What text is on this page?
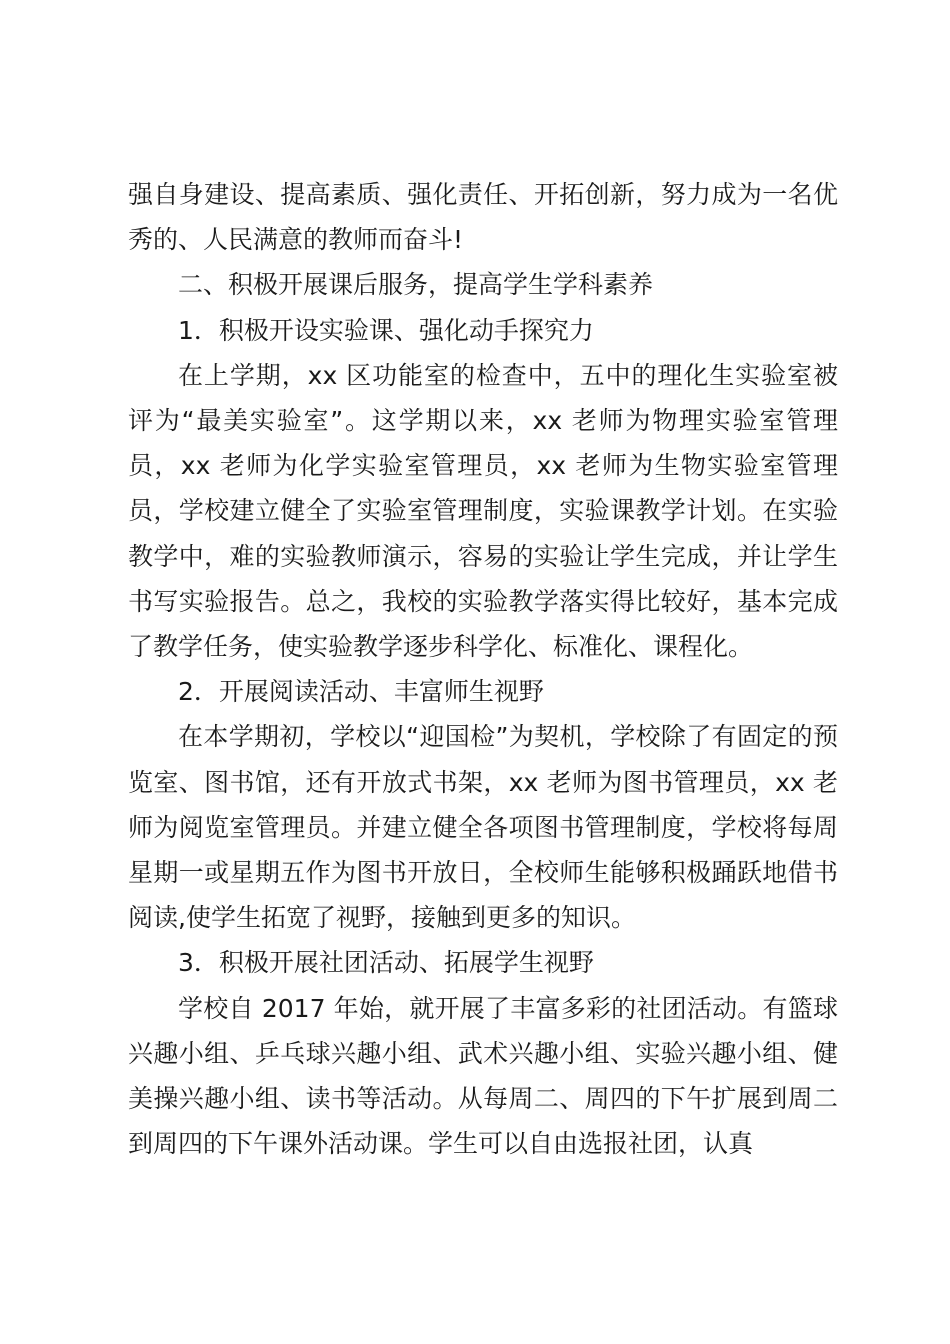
强自身建设、提高素质、强化责任、开拓创新，努力成为一名优秀的、人民满意的教师而奋斗!

二、积极开展课后服务，提高学生学科素养

1．积极开设实验课、强化动手探究力

在上学期，xx 区功能室的检查中，五中的理化生实验室被评为“最美实验室”。这学期以来，xx 老师为物理实验室管理员，xx 老师为化学实验室管理员，xx 老师为生物实验室管理员，学校建立健全了实验室管理制度，实验课教学计划。在实验教学中，难的实验教师演示，容易的实验让学生完成，并让学生书写实验报告。总之，我校的实验教学落实得比较好，基本完成了教学任务，使实验教学逐步科学化、标准化、课程化。

2．开展阅读活动、丰富师生视野

在本学期初，学校以“迎国检”为契机，学校除了有固定的预览室、图书馆，还有开放式书架，xx 老师为图书管理员，xx 老师为阅览室管理员。并建立健全各项图书管理制度，学校将每周星期一或星期五作为图书开放日，全校师生能够积极踊跃地借书阅读,使学生拓宽了视野，接触到更多的知识。

3．积极开展社团活动、拓展学生视野

学校自 2017 年始，就开展了丰富多彩的社团活动。有篮球兴趣小组、乒乓球兴趣小组、武术兴趣小组、实验兴趣小组、健美操兴趣小组、读书等活动。从每周二、周四的下午扩展到周二到周四的下午课外活动课。学生可以自由选报社团，认真
